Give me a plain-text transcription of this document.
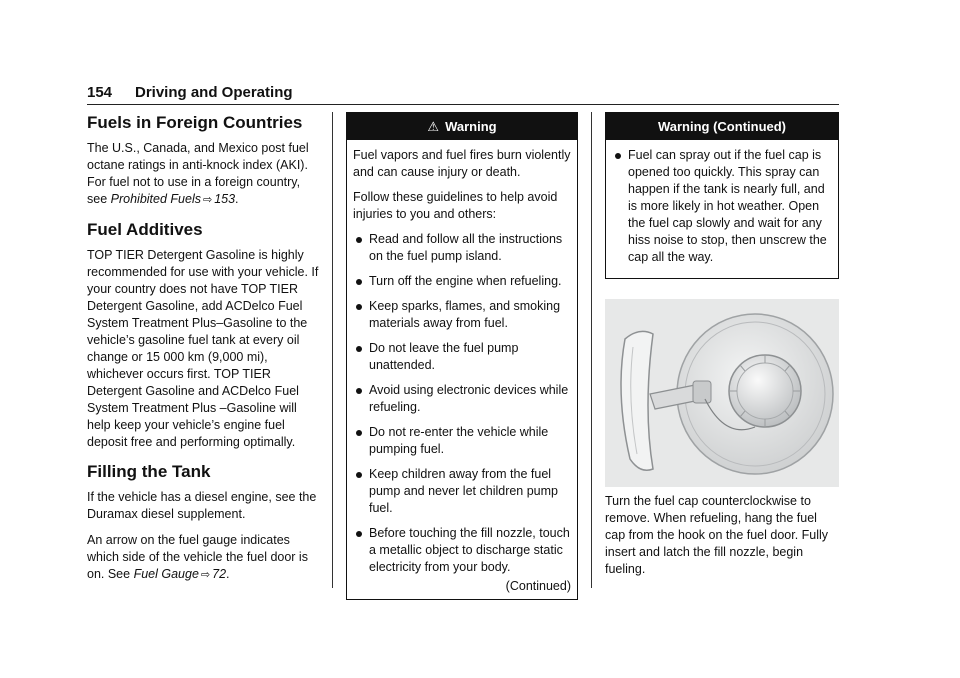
154 Driving and Operating
Fuels in Foreign Countries

The U.S., Canada, and Mexico post fuel octane ratings in anti-knock index (AKI). For fuel not to use in a foreign country, see Prohibited Fuels ⇨ 153.

Fuel Additives

TOP TIER Detergent Gasoline is highly recommended for use with your vehicle. If your country does not have TOP TIER Detergent Gasoline, add ACDelco Fuel System Treatment Plus–Gasoline to the vehicle’s gasoline fuel tank at every oil change or 15 000 km (9,000 mi), whichever occurs first. TOP TIER Detergent Gasoline and ACDelco Fuel System Treatment Plus –Gasoline will help keep your vehicle’s engine fuel deposit free and performing optimally.

Filling the Tank

If the vehicle has a diesel engine, see the Duramax diesel supplement.

An arrow on the fuel gauge indicates which side of the vehicle the fuel door is on. See Fuel Gauge ⇨ 72.

⚠ Warning

Fuel vapors and fuel fires burn violently and can cause injury or death.

Follow these guidelines to help avoid injuries to you and others:

Read and follow all the instructions on the fuel pump island.
Turn off the engine when refueling.
Keep sparks, flames, and smoking materials away from fuel.
Do not leave the fuel pump unattended.
Avoid using electronic devices while refueling.
Do not re-enter the vehicle while pumping fuel.
Keep children away from the fuel pump and never let children pump fuel.
Before touching the fill nozzle, touch a metallic object to discharge static electricity from your body.
(Continued)
Warning (Continued)
Fuel can spray out if the fuel cap is opened too quickly. This spray can happen if the tank is nearly full, and is more likely in hot weather. Open the fuel cap slowly and wait for any hiss noise to stop, then unscrew the cap all the way.

Turn the fuel cap counterclockwise to remove. When refueling, hang the fuel cap from the hook on the fuel door. Fully insert and latch the fill nozzle, begin fueling.
